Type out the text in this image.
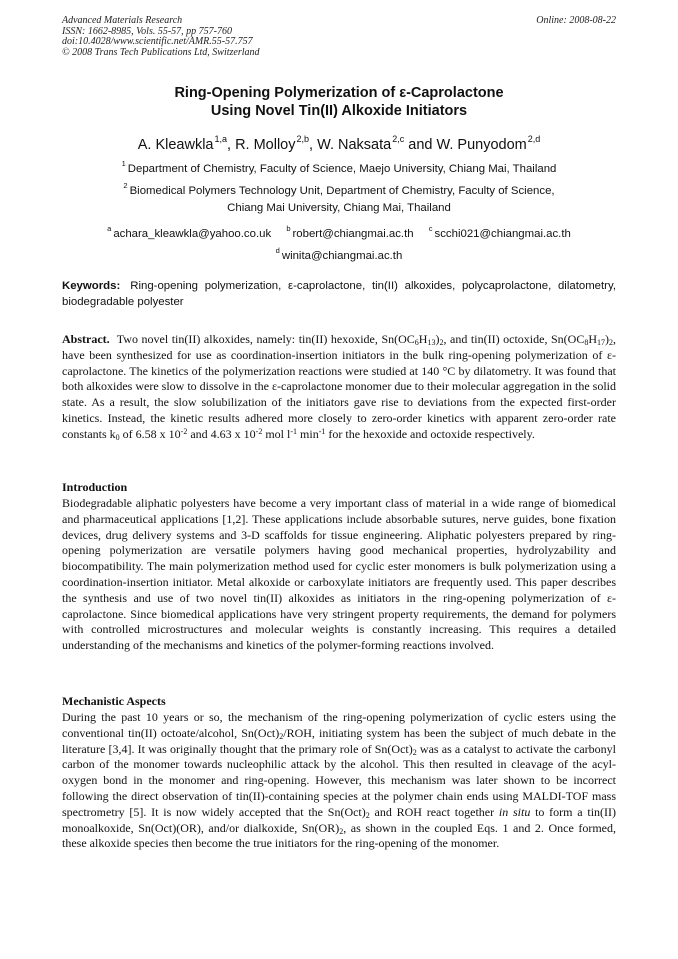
Advanced Materials Research
ISSN: 1662-8985, Vols. 55-57, pp 757-760
doi:10.4028/www.scientific.net/AMR.55-57.757
© 2008 Trans Tech Publications Ltd, Switzerland
Online: 2008-08-22
Ring-Opening Polymerization of ε-Caprolactone
Using Novel Tin(II) Alkoxide Initiators
A. Kleawkla$^{1,a}$, R. Molloy$^{2,b}$, W. Naksata$^{2,c}$ and W. Punyodom$^{2,d}$
$^1$ Department of Chemistry, Faculty of Science, Maejo University, Chiang Mai, Thailand
$^2$ Biomedical Polymers Technology Unit, Department of Chemistry, Faculty of Science,
Chiang Mai University, Chiang Mai, Thailand
$^a$ achara_kleawkla@yahoo.co.uk $^b$ robert@chiangmai.ac.th $^c$ scchi021@chiangmai.ac.th
$^d$ winita@chiangmai.ac.th
Keywords: Ring-opening polymerization, ε-caprolactone, tin(II) alkoxides, polycaprolactone, dilatometry, biodegradable polyester

Abstract. Two novel tin(II) alkoxides, namely: tin(II) hexoxide, $Sn(OC_6H_{13})_2$, and tin(II) octoxide, $Sn(OC_8H_{17})_2$, have been synthesized for use as coordination-insertion initiators in the bulk ring-opening polymerization of ε-caprolactone. The kinetics of the polymerization reactions were studied at 140 °C by dilatometry. It was found that both alkoxides were slow to dissolve in the ε-caprolactone monomer due to their molecular aggregation in the solid state. As a result, the slow solubilization of the initiators gave rise to deviations from the expected first-order kinetics. Instead, the kinetic results adhered more closely to zero-order kinetics with apparent zero-order rate constants $k_0$ of 6.58 x $10^{-2}$ and 4.63 x $10^{-2}$ mol $l^{-1}$ $\min^{-1}$ for the hexoxide and octoxide respectively.

Introduction

Biodegradable aliphatic polyesters have become a very important class of material in a wide range of biomedical and pharmaceutical applications [1,2]. These applications include absorbable sutures, nerve guides, bone fixation devices, drug delivery systems and 3-D scaffolds for tissue engineering. Aliphatic polyesters prepared by ring-opening polymerization are versatile polymers having good mechanical properties, hydrolyzability and biocompatibility. The main polymerization method used for cyclic ester monomers is bulk polymerization using a coordination-insertion initiator. Metal alkoxide or carboxylate initiators are frequently used. This paper describes the synthesis and use of two novel tin(II) alkoxides as initiators in the ring-opening polymerization of ε-caprolactone. Since biomedical applications have very stringent property requirements, the demand for polymers with controlled microstructures and molecular weights is constantly increasing. This requires a detailed understanding of the mechanisms and kinetics of the polymer-forming reactions involved.

Mechanistic Aspects

During the past 10 years or so, the mechanism of the ring-opening polymerization of cyclic esters using the conventional tin(II) octoate/alcohol, $Sn(Oct)_2$/ROH, initiating system has been the subject of much debate in the literature [3,4]. It was originally thought that the primary role of $Sn(Oct)_2$ was as a catalyst to activate the carbonyl carbon of the monomer towards nucleophilic attack by the alcohol. This then resulted in cleavage of the acyl-oxygen bond in the monomer and ring-opening. However, this mechanism was later shown to be incorrect following the direct observation of tin(II)-containing species at the polymer chain ends using MALDI-TOF mass spectrometry [5]. It is now widely accepted that the $Sn(Oct)_2$ and ROH react together in situ to form a tin(II) monoalkoxide, Sn(Oct)(OR), and/or dialkoxide, $Sn(OR)_2$, as shown in the coupled Eqs. 1 and 2. Once formed, these alkoxide species then become the true initiators for the ring-opening of the monomer.
